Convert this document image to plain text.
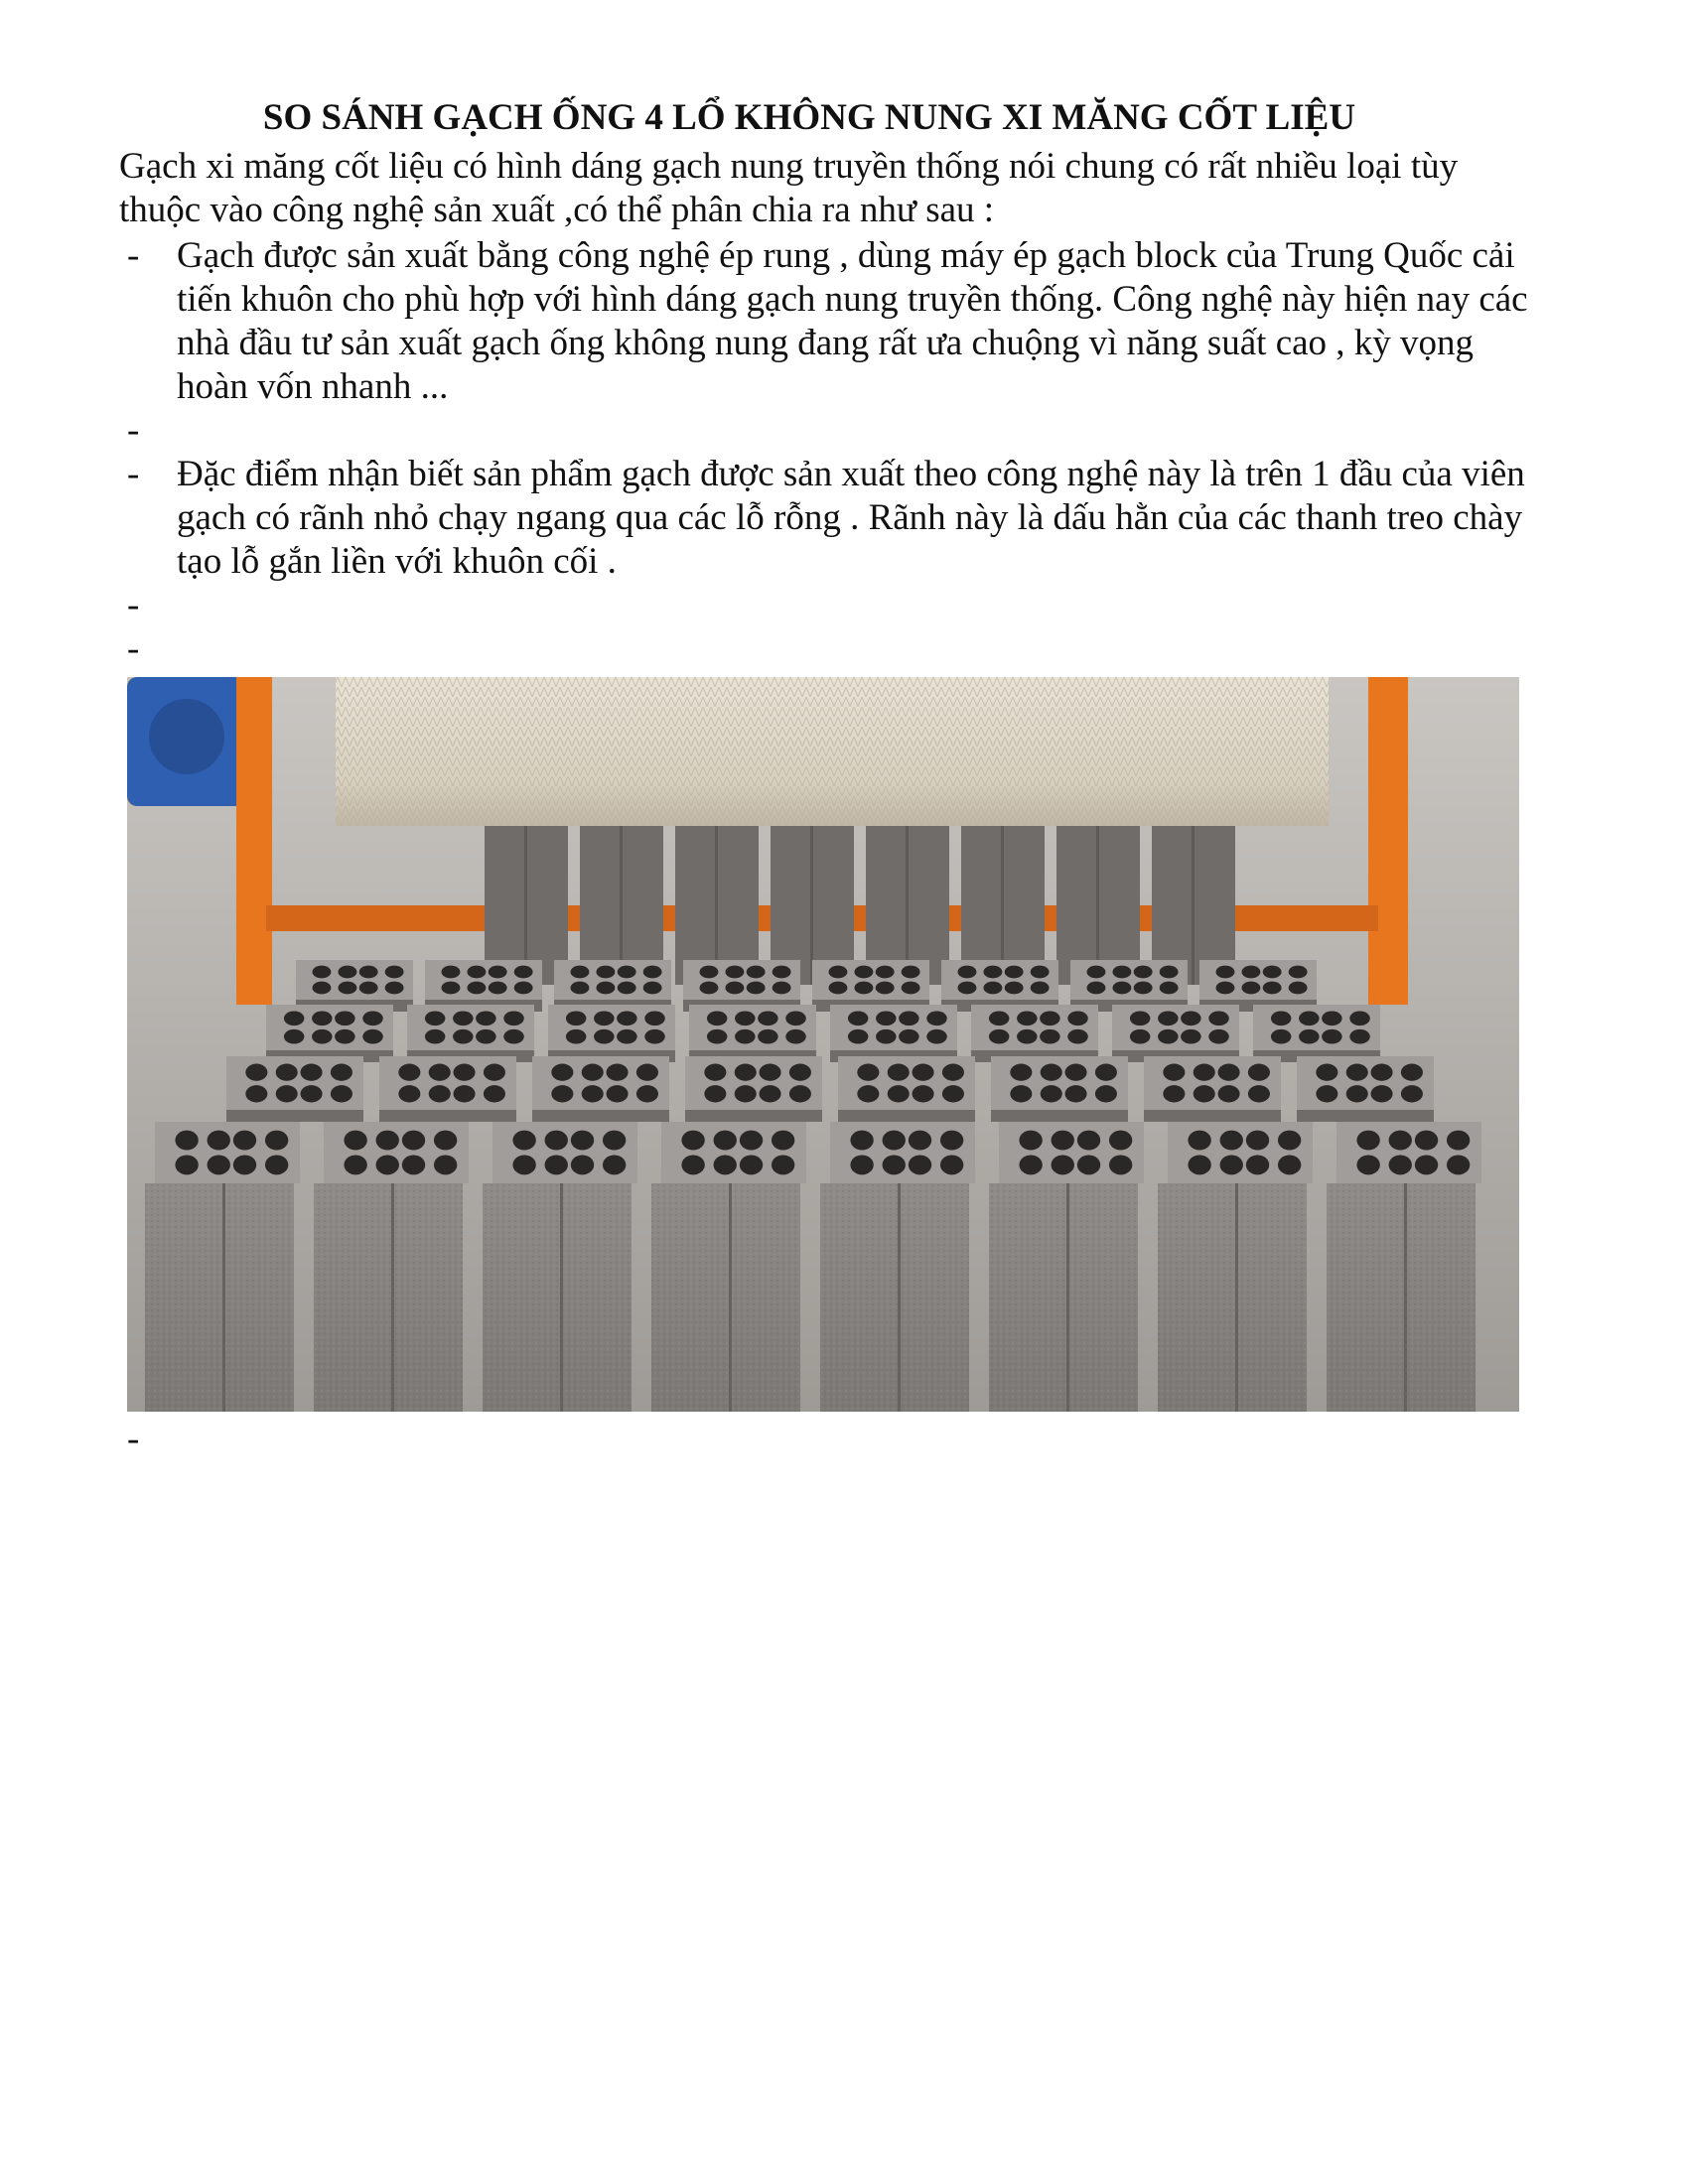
SO SÁNH GẠCH ỐNG 4 LỔ KHÔNG NUNG XI MĂNG CỐT LIỆU

Gạch xi măng cốt liệu có hình dáng gạch nung truyền thống nói chung có rất nhiều loại tùy thuộc vào công nghệ sản xuất ,có thể phân chia ra như sau :

- Gạch được sản xuất bằng công nghệ ép rung , dùng máy ép gạch block của Trung Quốc cải tiến khuôn cho phù hợp với hình dáng gạch nung truyền thống. Công nghệ này hiện nay các nhà đầu tư sản xuất gạch ống không nung đang rất ưa chuộng vì năng suất cao , kỳ vọng hoàn vốn nhanh ...
-
- Đặc điểm nhận biết sản phẩm gạch được sản xuất theo công nghệ này là trên 1 đầu của viên gạch có rãnh nhỏ chạy ngang qua các lỗ rỗng . Rãnh này là dấu hằn của các thanh treo chày tạo lỗ gắn liền với khuôn cối .
-
-
-
